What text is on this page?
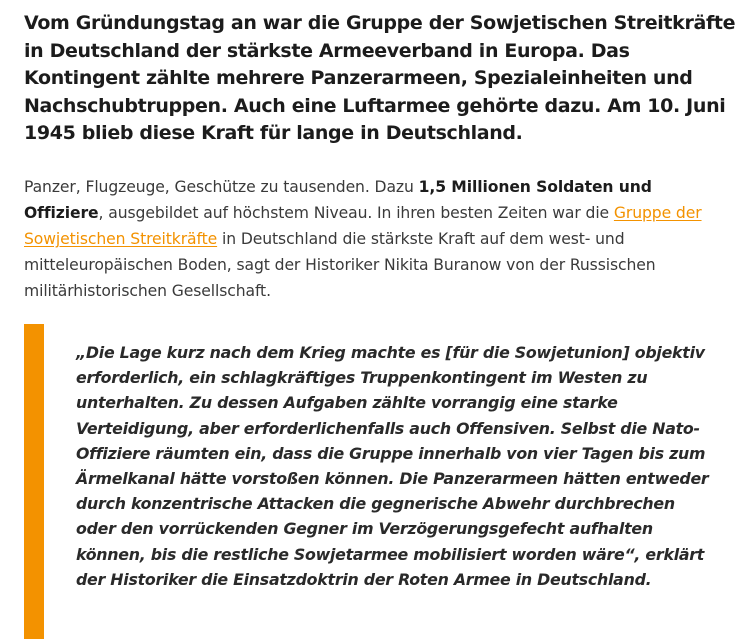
Vom Gründungstag an war die Gruppe der Sowjetischen Streitkräfte in Deutschland der stärkste Armeeverband in Europa. Das Kontingent zählte mehrere Panzerarmeen, Spezialeinheiten und Nachschubtruppen. Auch eine Luftarmee gehörte dazu. Am 10. Juni 1945 blieb diese Kraft für lange in Deutschland.

Panzer, Flugzeuge, Geschütze zu tausenden. Dazu 1,5 Millionen Soldaten und Offiziere, ausgebildet auf höchstem Niveau. In ihren besten Zeiten war die Gruppe der Sowjetischen Streitkräfte in Deutschland die stärkste Kraft auf dem west- und mitteleuropäischen Boden, sagt der Historiker Nikita Buranow von der Russischen militärhistorischen Gesellschaft.

„Die Lage kurz nach dem Krieg machte es [für die Sowjetunion] objektiv erforderlich, ein schlagkräftiges Truppenkontingent im Westen zu unterhalten. Zu dessen Aufgaben zählte vorrangig eine starke Verteidigung, aber erforderlichenfalls auch Offensiven. Selbst die Nato-Offiziere räumten ein, dass die Gruppe innerhalb von vier Tagen bis zum Ärmelkanal hätte vorstoßen können. Die Panzerarmeen hätten entweder durch konzentrische Attacken die gegnerische Abwehr durchbrechen oder den vorrückenden Gegner im Verzögerungsgefecht aufhalten können, bis die restliche Sowjetarmee mobilisiert worden wäre“, erklärt der Historiker die Einsatzdoktrin der Roten Armee in Deutschland.
